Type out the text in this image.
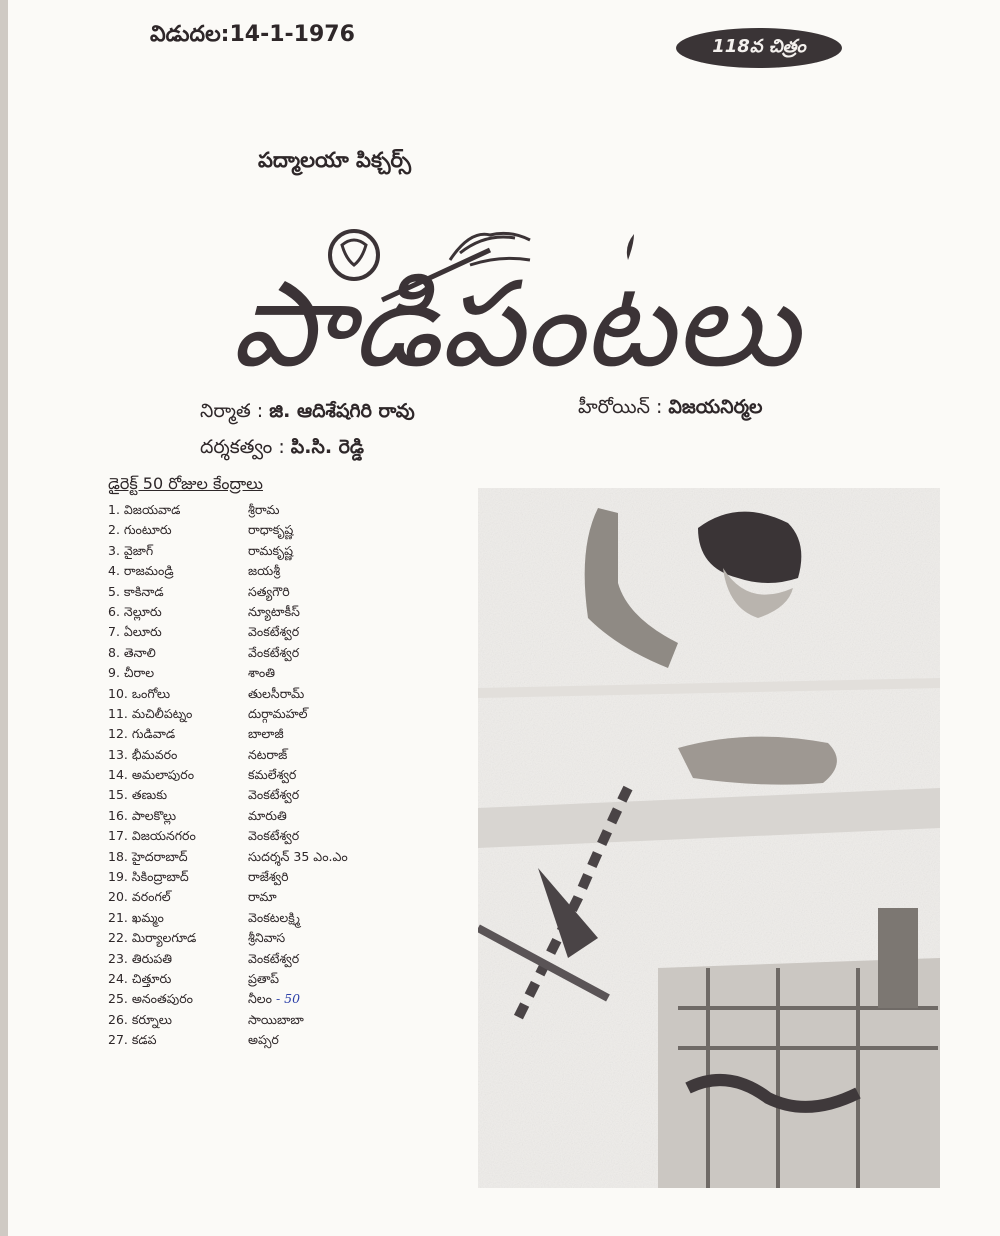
విడుదల:14-1-1976	118వ చిత్రం
పద్మాలయా పిక్చర్స్
పాడిపంటలు
నిర్మాత : జి. ఆదిశేషగిరి రావు	హీరోయిన్ : విజయనిర్మల
దర్శకత్వం : పి.సి. రెడ్డి
డైరెక్ట్ 50 రోజుల కేంద్రాలు
1. విజయవాడ	శ్రీరామ
2. గుంటూరు	రాధాకృష్ణ
3. వైజాగ్	రామకృష్ణ
4. రాజమండ్రి	జయశ్రీ
5. కాకినాడ	సత్యగౌరి
6. నెల్లూరు	న్యూటాకీస్
7. ఏలూరు	వెంకటేశ్వర
8. తెనాలి	వేంకటేశ్వర
9. చీరాల	శాంతి
10. ఒంగోలు	తులసీరామ్
11. మచిలీపట్నం	దుర్గామహల్
12. గుడివాడ	బాలాజీ
13. భీమవరం	నటరాజ్
14. అమలాపురం	కమలేశ్వర
15. తణుకు	వెంకటేశ్వర
16. పాలకొల్లు	మారుతి
17. విజయనగరం	వెంకటేశ్వర
18. హైదరాబాద్	సుదర్శన్ 35 ఎం.ఎం
19. సికింద్రాబాద్	రాజేశ్వరి
20. వరంగల్	రామా
21. ఖమ్మం	వెంకటలక్ష్మి
22. మిర్యాలగూడ	శ్రీనివాస
23. తిరుపతి	వెంకటేశ్వర
24. చిత్తూరు	ప్రతాప్
25. అనంతపురం	నీలం - 50
26. కర్నూలు	సాయిబాబా
27. కడప	అప్సర
